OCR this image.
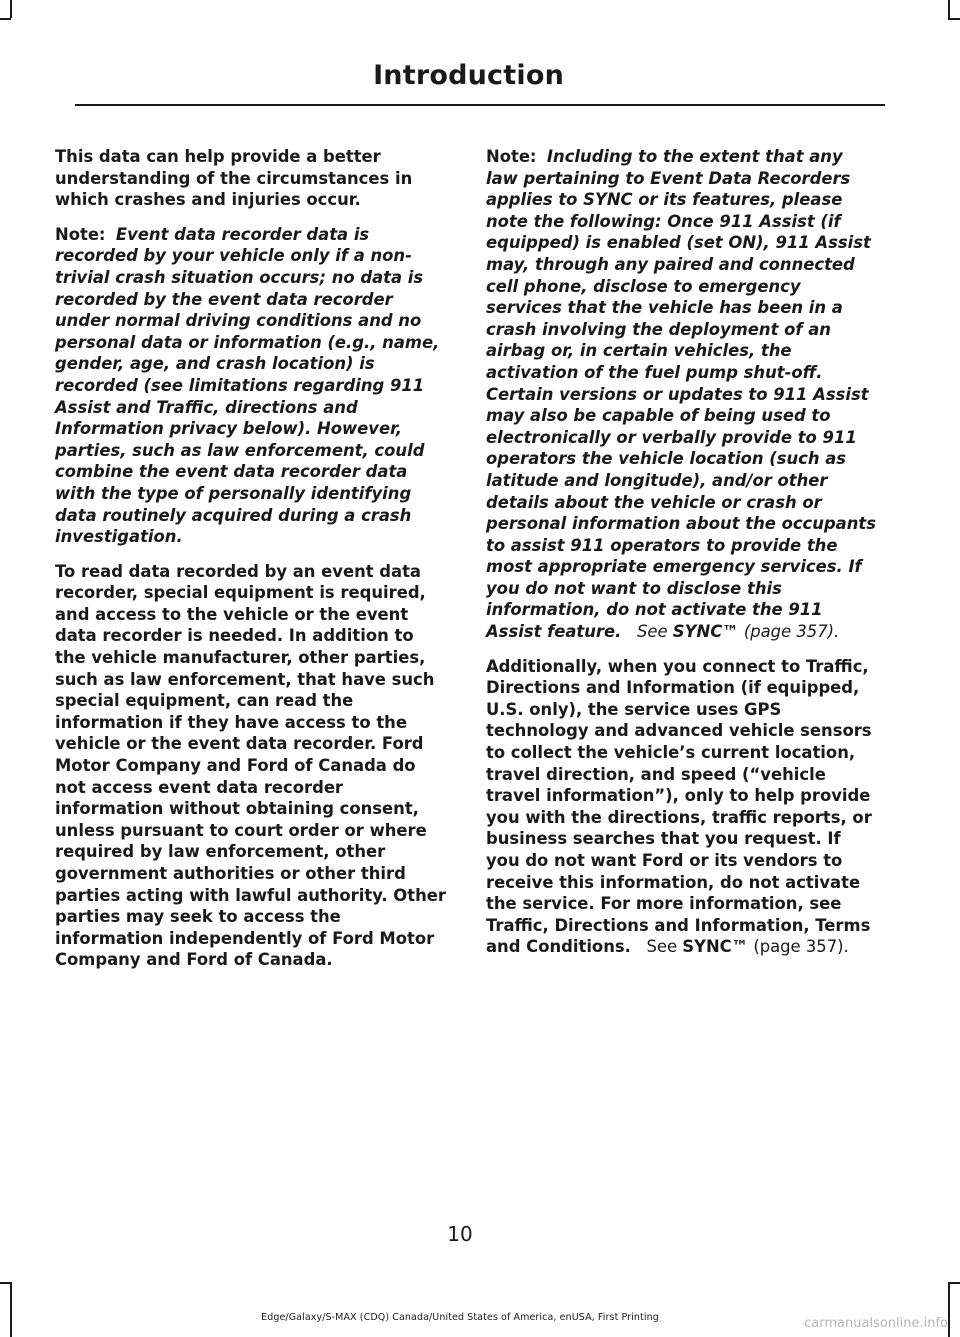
Introduction

This data can help provide a better understanding of the circumstances in which crashes and injuries occur.

Note: Event data recorder data is recorded by your vehicle only if a non-trivial crash situation occurs; no data is recorded by the event data recorder under normal driving conditions and no personal data or information (e.g., name, gender, age, and crash location) is recorded (see limitations regarding 911 Assist and Traffic, directions and Information privacy below). However, parties, such as law enforcement, could combine the event data recorder data with the type of personally identifying data routinely acquired during a crash investigation.

To read data recorded by an event data recorder, special equipment is required, and access to the vehicle or the event data recorder is needed. In addition to the vehicle manufacturer, other parties, such as law enforcement, that have such special equipment, can read the information if they have access to the vehicle or the event data recorder. Ford Motor Company and Ford of Canada do not access event data recorder information without obtaining consent, unless pursuant to court order or where required by law enforcement, other government authorities or other third parties acting with lawful authority. Other parties may seek to access the information independently of Ford Motor Company and Ford of Canada.

Note: Including to the extent that any law pertaining to Event Data Recorders applies to SYNC or its features, please note the following: Once 911 Assist (if equipped) is enabled (set ON), 911 Assist may, through any paired and connected cell phone, disclose to emergency services that the vehicle has been in a crash involving the deployment of an airbag or, in certain vehicles, the activation of the fuel pump shut-off. Certain versions or updates to 911 Assist may also be capable of being used to electronically or verbally provide to 911 operators the vehicle location (such as latitude and longitude), and/or other details about the vehicle or crash or personal information about the occupants to assist 911 operators to provide the most appropriate emergency services. If you do not want to disclose this information, do not activate the 911 Assist feature. See SYNC™ (page 357).

Additionally, when you connect to Traffic, Directions and Information (if equipped, U.S. only), the service uses GPS technology and advanced vehicle sensors to collect the vehicle’s current location, travel direction, and speed (“vehicle travel information”), only to help provide you with the directions, traffic reports, or business searches that you request. If you do not want Ford or its vendors to receive this information, do not activate the service. For more information, see Traffic, Directions and Information, Terms and Conditions. See SYNC™ (page 357).

10
Edge/Galaxy/S-MAX (CDQ) Canada/United States of America, enUSA, First Printing	carmanualsonline.info
